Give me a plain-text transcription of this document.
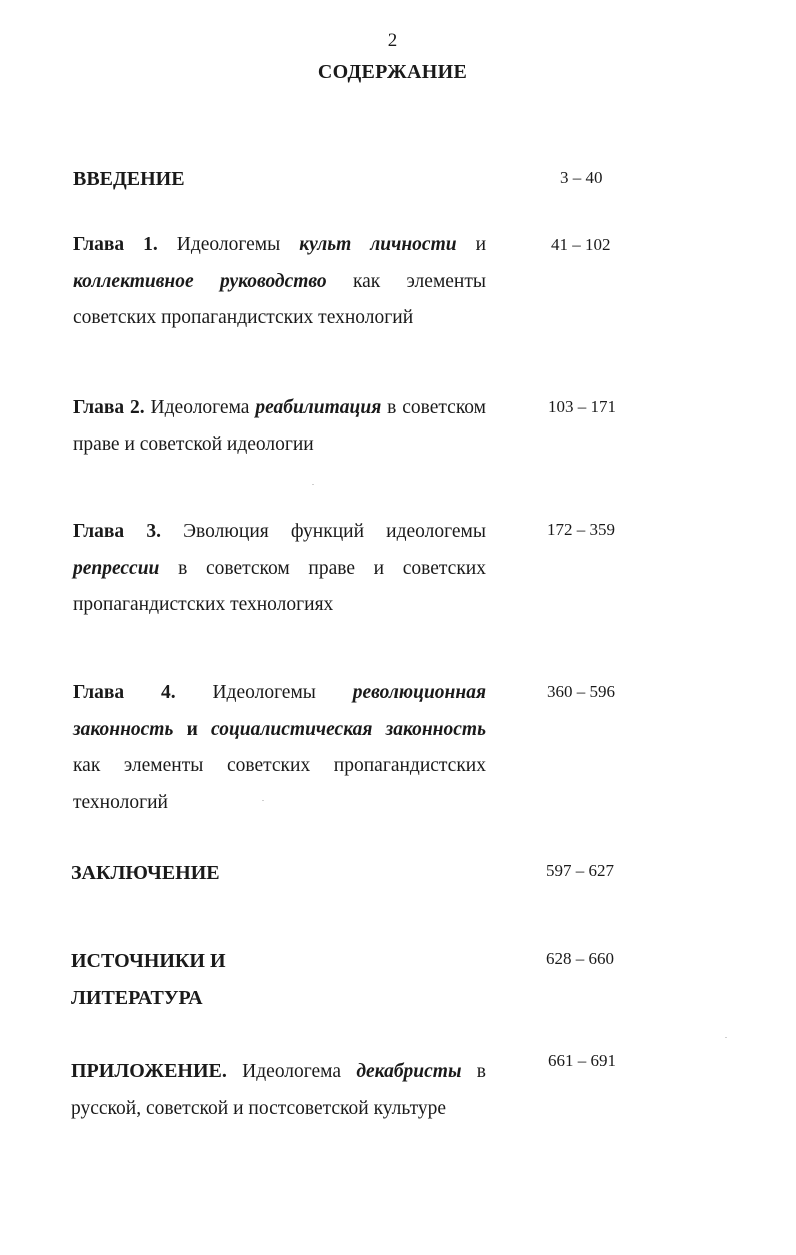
2
СОДЕРЖАНИЕ
ВВЕДЕНИЕ	3 – 40
Глава 1. Идеологемы культ личности и коллективное руководство как элементы советских пропагандистских технологий
41 – 102
Глава 2. Идеологема реабилитация в советском праве и советской идеологии
103 – 171
Глава 3. Эволюция функций идеологемы репрессии в советском праве и советских пропагандистских технологиях
172 – 359
Глава 4. Идеологемы революционная законность и социалистическая законность как элементы советских пропагандистских технологий
360 – 596
ЗАКЛЮЧЕНИЕ	597 – 627
ИСТОЧНИКИ И
ЛИТЕРАТУРА
628 – 660
ПРИЛОЖЕНИЕ. Идеологема декабристы в русской, советской и постсоветской культуре
661 – 691
